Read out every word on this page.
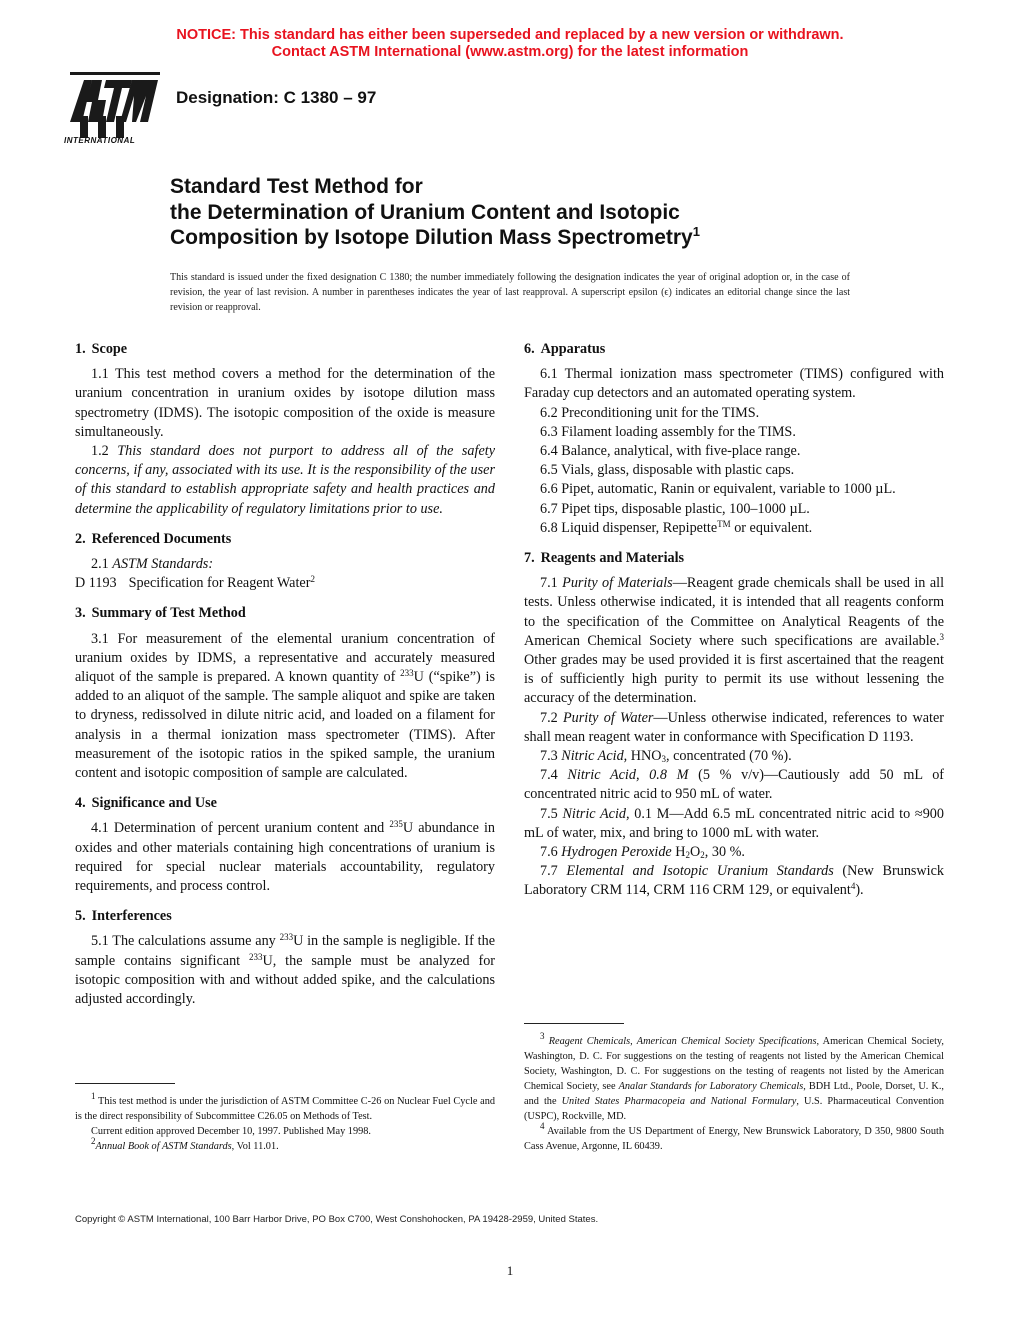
NOTICE: This standard has either been superseded and replaced by a new version or withdrawn.
Contact ASTM International (www.astm.org) for the latest information
INTERNATIONAL
Designation: C 1380 – 97
Standard Test Method for
the Determination of Uranium Content and Isotopic
Composition by Isotope Dilution Mass Spectrometry$^1$
This standard is issued under the fixed designation C 1380; the number immediately following the designation indicates the year of original adoption or, in the case of revision, the year of last revision. A number in parentheses indicates the year of last reapproval. A superscript epsilon (ϵ) indicates an editorial change since the last revision or reapproval.
1. Scope
1.1 This test method covers a method for the determination of the uranium concentration in uranium oxides by isotope dilution mass spectrometry (IDMS). The isotopic composition of the oxide is measure simultaneously.
1.2 This standard does not purport to address all of the safety concerns, if any, associated with its use. It is the responsibility of the user of this standard to establish appropriate safety and health practices and determine the applicability of regulatory limitations prior to use.
2. Referenced Documents
2.1 ASTM Standards:
D 1193 Specification for Reagent Water$^2$
3. Summary of Test Method
3.1 For measurement of the elemental uranium concentration of uranium oxides by IDMS, a representative and accurately measured aliquot of the sample is prepared. A known quantity of $^{233}$U (“spike”) is added to an aliquot of the sample. The sample aliquot and spike are taken to dryness, redissolved in dilute nitric acid, and loaded on a filament for analysis in a thermal ionization mass spectrometer (TIMS). After measurement of the isotopic ratios in the spiked sample, the uranium content and isotopic composition of sample are calculated.
4. Significance and Use
4.1 Determination of percent uranium content and $^{235}$U abundance in oxides and other materials containing high concentrations of uranium is required for special nuclear materials accountability, regulatory requirements, and process control.
5. Interferences
5.1 The calculations assume any $^{233}$U in the sample is negligible. If the sample contains significant $^{233}$U, the sample must be analyzed for isotopic composition with and without added spike, and the calculations adjusted accordingly.
6. Apparatus
6.1 Thermal ionization mass spectrometer (TIMS) configured with Faraday cup detectors and an automated operating system.
6.2 Preconditioning unit for the TIMS.
6.3 Filament loading assembly for the TIMS.
6.4 Balance, analytical, with five-place range.
6.5 Vials, glass, disposable with plastic caps.
6.6 Pipet, automatic, Ranin or equivalent, variable to 1000 µL.
6.7 Pipet tips, disposable plastic, 100–1000 µL.
6.8 Liquid dispenser, Repipette™ or equivalent.
7. Reagents and Materials
7.1 Purity of Materials—Reagent grade chemicals shall be used in all tests. Unless otherwise indicated, it is intended that all reagents conform to the specification of the Committee on Analytical Reagents of the American Chemical Society where such specifications are available.$^3$ Other grades may be used provided it is first ascertained that the reagent is of sufficiently high purity to permit its use without lessening the accuracy of the determination.
7.2 Purity of Water—Unless otherwise indicated, references to water shall mean reagent water in conformance with Specification D 1193.
7.3 Nitric Acid, $HNO_3$, concentrated (70 %).
7.4 Nitric Acid, 0.8 M (5 % v/v)—Cautiously add 50 mL of concentrated nitric acid to 950 mL of water.
7.5 Nitric Acid, 0.1 M—Add 6.5 mL concentrated nitric acid to ≈900 mL of water, mix, and bring to 1000 mL with water.
7.6 Hydrogen Peroxide $H_2O_2$, 30 %.
7.7 Elemental and Isotopic Uranium Standards (New Brunswick Laboratory CRM 114, CRM 116 CRM 129, or equivalent$^4$).

$^1$ This test method is under the jurisdiction of ASTM Committee C-26 on Nuclear Fuel Cycle and is the direct responsibility of Subcommittee C26.05 on Methods of Test.

Current edition approved December 10, 1997. Published May 1998.

$^2$Annual Book of ASTM Standards, Vol 11.01.

$^3$ Reagent Chemicals, American Chemical Society Specifications, American Chemical Society, Washington, D. C. For suggestions on the testing of reagents not listed by the American Chemical Society, Washington, D. C. For suggestions on the testing of reagents not listed by the American Chemical Society, see Analar Standards for Laboratory Chemicals, BDH Ltd., Poole, Dorset, U. K., and the United States Pharmacopeia and National Formulary, U.S. Pharmaceutical Convention (USPC), Rockville, MD.

$^4$ Available from the US Department of Energy, New Brunswick Laboratory, D 350, 9800 South Cass Avenue, Argonne, IL 60439.

Copyright © ASTM International, 100 Barr Harbor Drive, PO Box C700, West Conshohocken, PA 19428-2959, United States.
1
